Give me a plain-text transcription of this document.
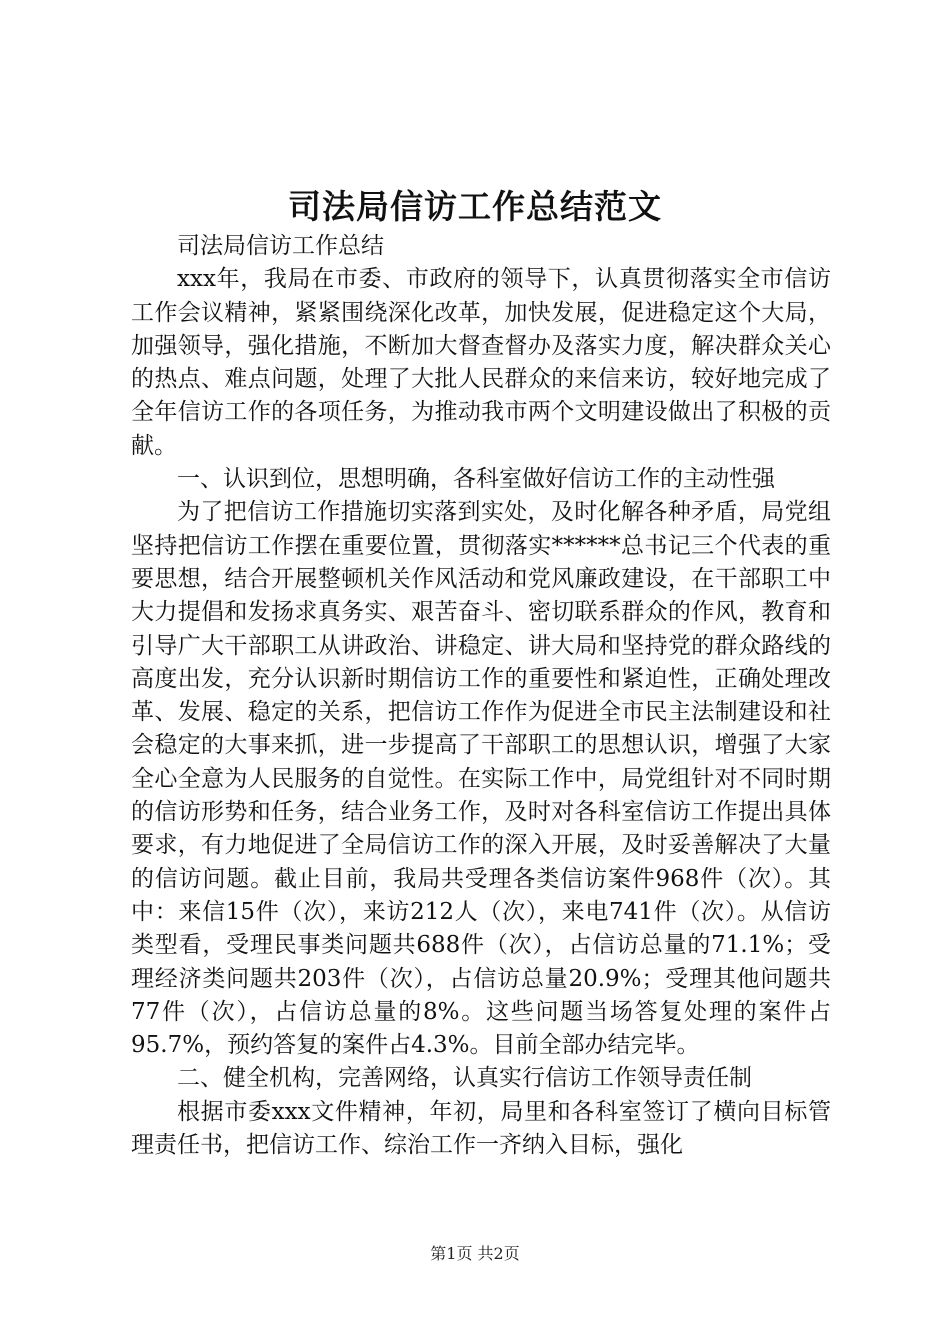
司法局信访工作总结范文

司法局信访工作总结

xxx年，我局在市委、市政府的领导下，认真贯彻落实全市信访工作会议精神，紧紧围绕深化改革，加快发展，促进稳定这个大局，加强领导，强化措施，不断加大督查督办及落实力度，解决群众关心的热点、难点问题，处理了大批人民群众的来信来访，较好地完成了全年信访工作的各项任务，为推动我市两个文明建设做出了积极的贡献。

一、认识到位，思想明确，各科室做好信访工作的主动性强

为了把信访工作措施切实落到实处，及时化解各种矛盾，局党组坚持把信访工作摆在重要位置，贯彻落实******总书记三个代表的重要思想，结合开展整顿机关作风活动和党风廉政建设，在干部职工中大力提倡和发扬求真务实、艰苦奋斗、密切联系群众的作风，教育和引导广大干部职工从讲政治、讲稳定、讲大局和坚持党的群众路线的高度出发，充分认识新时期信访工作的重要性和紧迫性，正确处理改革、发展、稳定的关系，把信访工作作为促进全市民主法制建设和社会稳定的大事来抓，进一步提高了干部职工的思想认识，增强了大家全心全意为人民服务的自觉性。在实际工作中，局党组针对不同时期的信访形势和任务，结合业务工作，及时对各科室信访工作提出具体要求，有力地促进了全局信访工作的深入开展，及时妥善解决了大量的信访问题。截止目前，我局共受理各类信访案件968件（次）。其中：来信15件（次），来访212人（次），来电741件（次）。从信访类型看，受理民事类问题共688件（次），占信访总量的71.1%；受理经济类问题共203件（次），占信访总量20.9%；受理其他问题共77件（次），占信访总量的8%。这些问题当场答复处理的案件占95.7%，预约答复的案件占4.3%。目前全部办结完毕。

二、健全机构，完善网络，认真实行信访工作领导责任制

根据市委xxx文件精神，年初，局里和各科室签订了横向目标管理责任书，把信访工作、综治工作一齐纳入目标，强化

第1页 共2页
